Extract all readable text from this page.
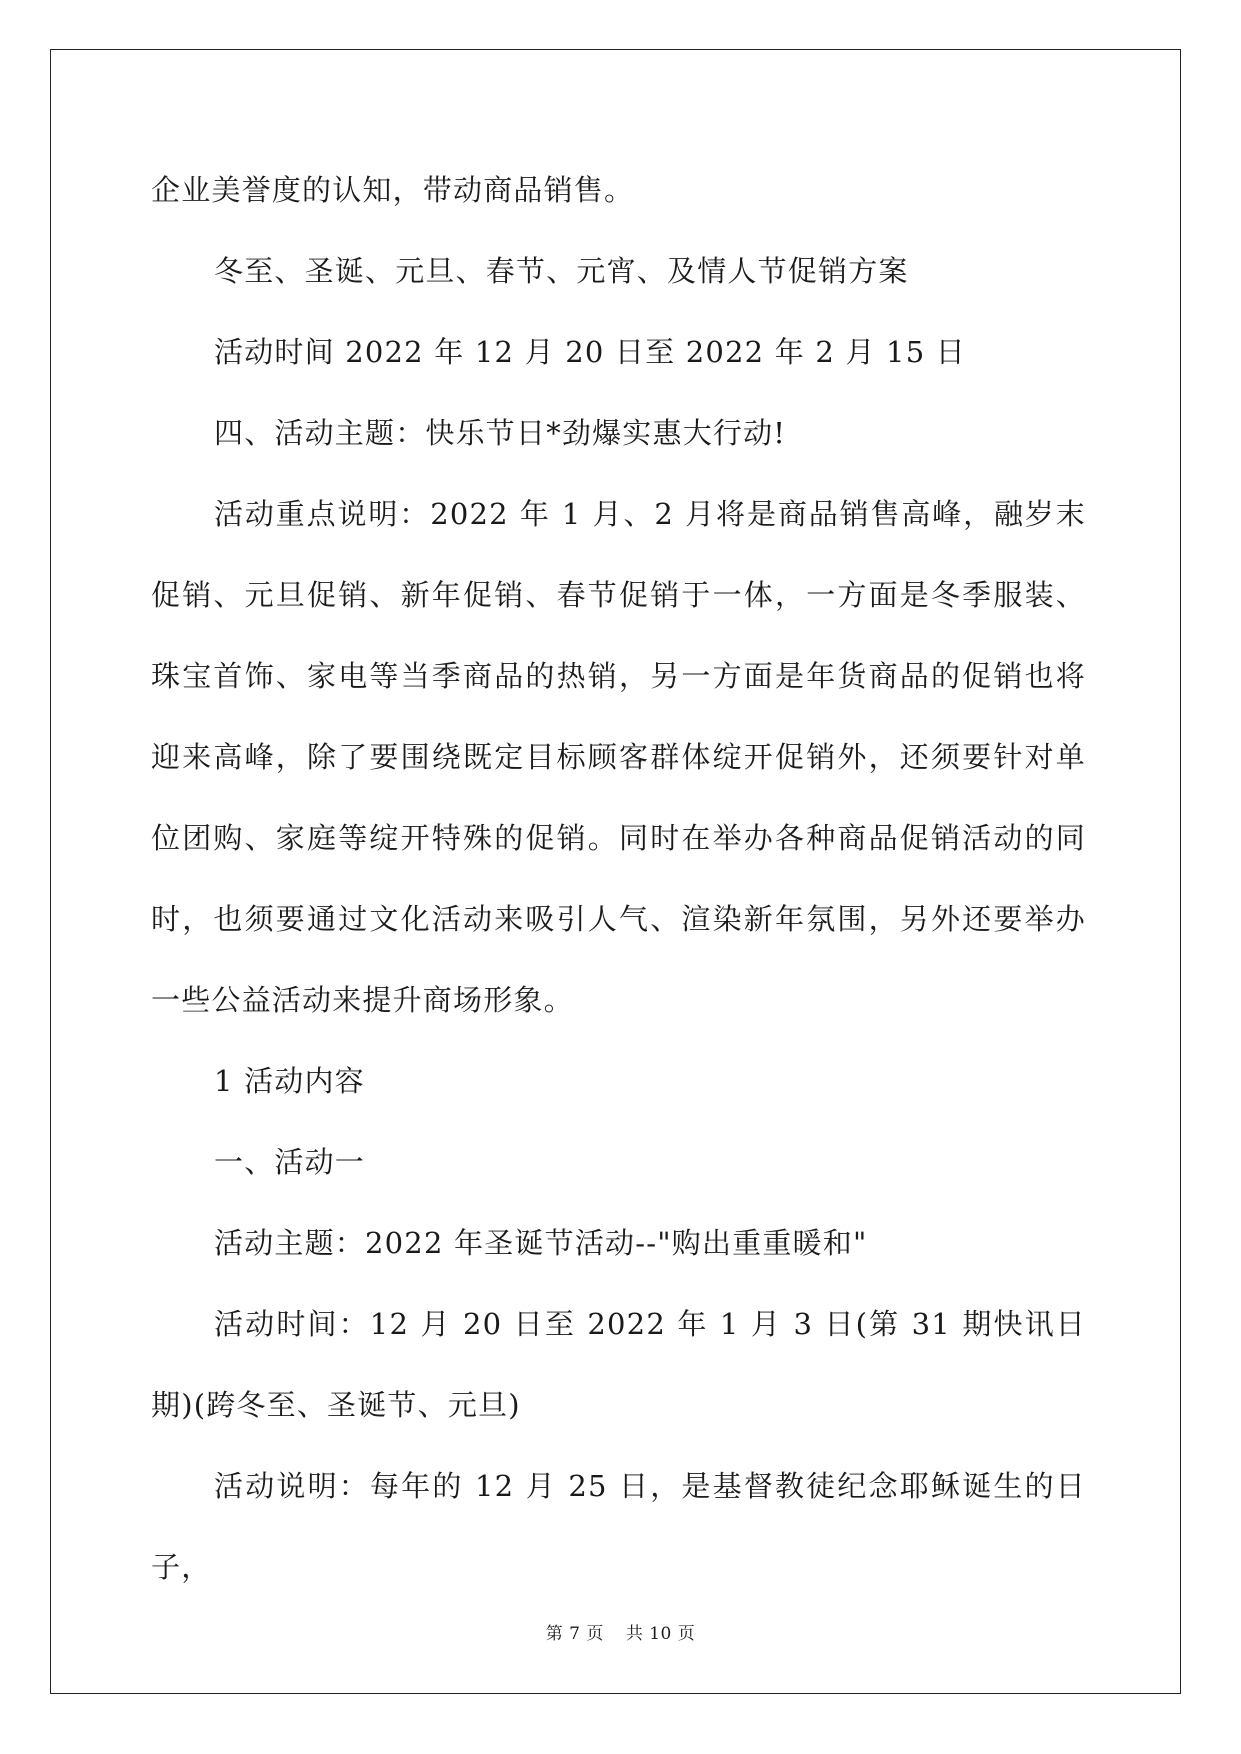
企业美誉度的认知，带动商品销售。

冬至、圣诞、元旦、春节、元宵、及情人节促销方案

活动时间 2022 年 12 月 20 日至 2022 年 2 月 15 日

四、活动主题：快乐节日*劲爆实惠大行动!

活动重点说明：2022 年 1 月、2 月将是商品销售高峰，融岁末促销、元旦促销、新年促销、春节促销于一体，一方面是冬季服装、珠宝首饰、家电等当季商品的热销，另一方面是年货商品的促销也将迎来高峰，除了要围绕既定目标顾客群体绽开促销外，还须要针对单位团购、家庭等绽开特殊的促销。同时在举办各种商品促销活动的同时，也须要通过文化活动来吸引人气、渲染新年氛围，另外还要举办一些公益活动来提升商场形象。

1 活动内容

一、活动一

活动主题：2022 年圣诞节活动--"购出重重暖和"

活动时间：12 月 20 日至 2022 年 1 月 3 日(第 31 期快讯日期)(跨冬至、圣诞节、元旦)

活动说明：每年的 12 月 25 日，是基督教徒纪念耶稣诞生的日子，

第 7 页 共 10 页
